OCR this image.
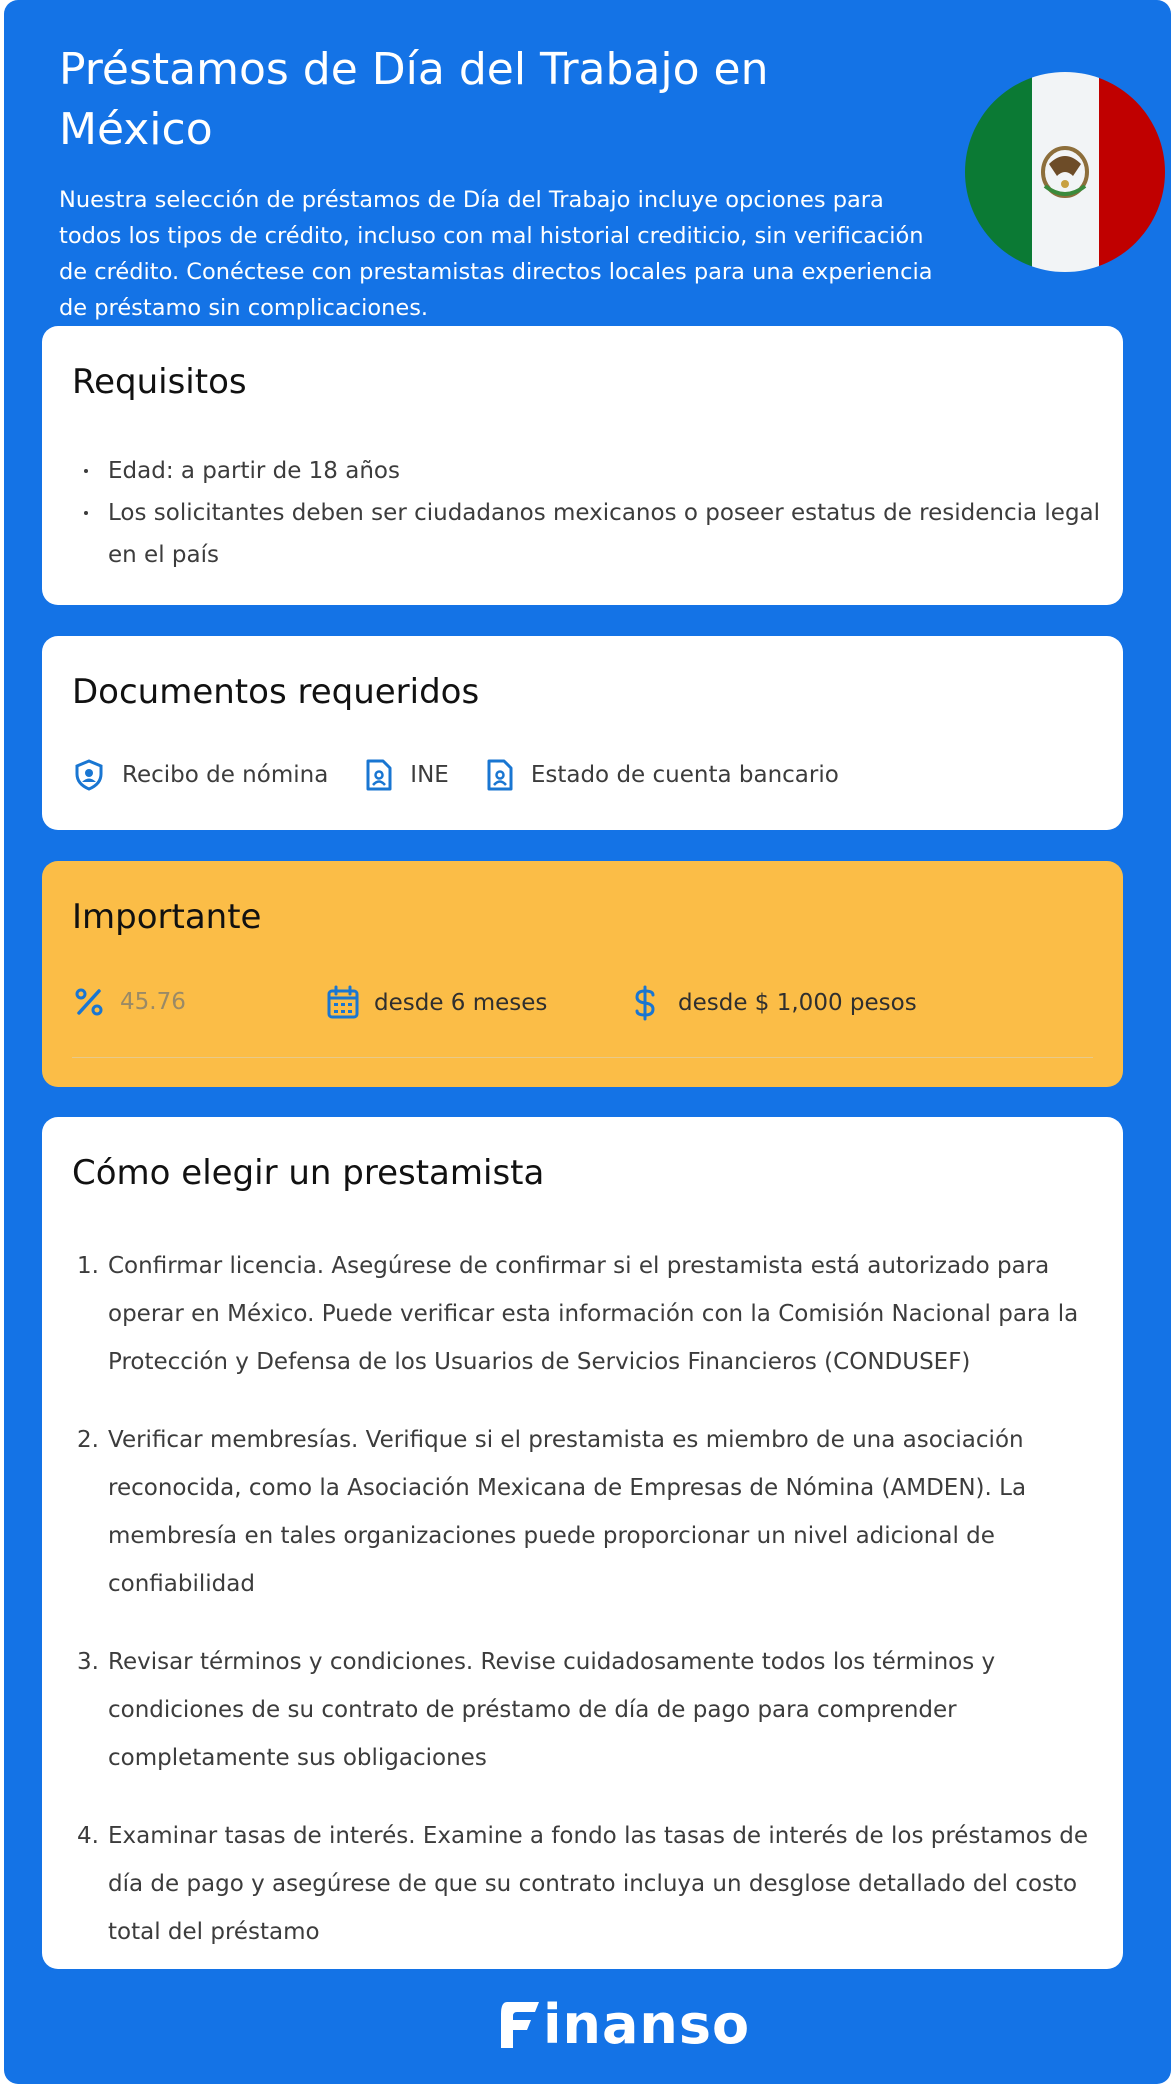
Préstamos de Día del Trabajo en México

Nuestra selección de préstamos de Día del Trabajo incluye opciones para todos los tipos de crédito, incluso con mal historial crediticio, sin verificación de crédito. Conéctese con prestamistas directos locales para una experiencia de préstamo sin complicaciones.

Requisitos
Edad: a partir de 18 años
Los solicitantes deben ser ciudadanos mexicanos o poseer estatus de residencia legal en el país
Documentos requeridos
Recibo de nómina	INE	Estado de cuenta bancario
Importante
45.76	desde 6 meses	desde $ 1,000 pesos
Cómo elegir un prestamista
1. Confirmar licencia. Asegúrese de confirmar si el prestamista está autorizado para operar en México. Puede verificar esta información con la Comisión Nacional para la Protección y Defensa de los Usuarios de Servicios Financieros (CONDUSEF)
2. Verificar membresías. Verifique si el prestamista es miembro de una asociación reconocida, como la Asociación Mexicana de Empresas de Nómina (AMDEN). La membresía en tales organizaciones puede proporcionar un nivel adicional de confiabilidad
3. Revisar términos y condiciones. Revise cuidadosamente todos los términos y condiciones de su contrato de préstamo de día de pago para comprender completamente sus obligaciones
4. Examinar tasas de interés. Examine a fondo las tasas de interés de los préstamos de día de pago y asegúrese de que su contrato incluya un desglose detallado del costo total del préstamo
inanso
